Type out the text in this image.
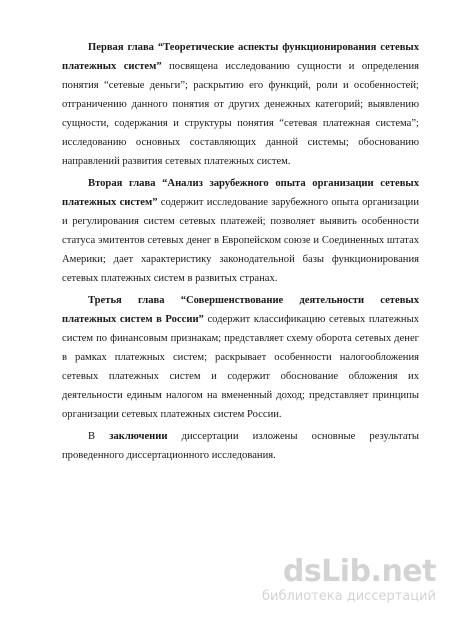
Первая глава “Теоретические аспекты функционирования сетевых платежных систем” посвящена исследованию сущности и определения понятия “сетевые деньги”; раскрытию его функций, роли и особенностей; отграничению данного понятия от других денежных категорий; выявлению сущности, содержания и структуры понятия “сетевая платежная система”; исследованию основных составляющих данной системы; обоснованию направлений развития сетевых платежных систем.

Вторая глава “Анализ зарубежного опыта организации сетевых платежных систем” содержит исследование зарубежного опыта организации и регулирования систем сетевых платежей; позволяет выявить особенности статуса эмитентов сетевых денег в Европейском союзе и Соединенных штатах Америки; дает характеристику законодательной базы функционирования сетевых платежных систем в развитых странах.

Третья глава “Совершенствование деятельности сетевых платежных систем в России” содержит классификацию сетевых платежных систем по финансовым признакам; представляет схему оборота сетевых денег в рамках платежных систем; раскрывает особенности налогообложения сетевых платежных систем и содержит обоснование обложения их деятельности единым налогом на вмененный доход; представляет принципы организации сетевых платежных систем России.

В заключении диссертации изложены основные результаты проведенного диссертационного исследования.

dsLib.net
библиотека диссертаций
